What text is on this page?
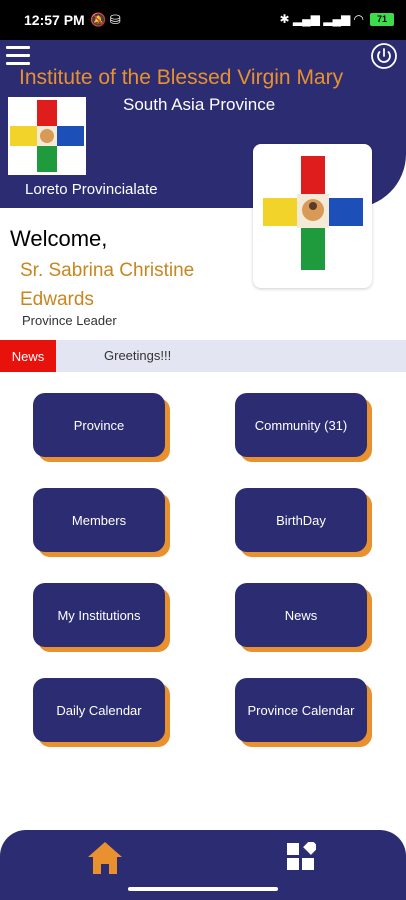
12:57 PM 🔕 ⛁	✱ ▂▄▆ ▂▄▆ ◠	71
Institute of the Blessed Virgin Mary
South Asia Province
Loreto Provincialate
Welcome,
Sr. Sabrina Christine Edwards
Province Leader
News	Greetings!!!
Province	Community (31)
Members	BirthDay
My Institutions	News
Daily Calendar	Province Calendar
